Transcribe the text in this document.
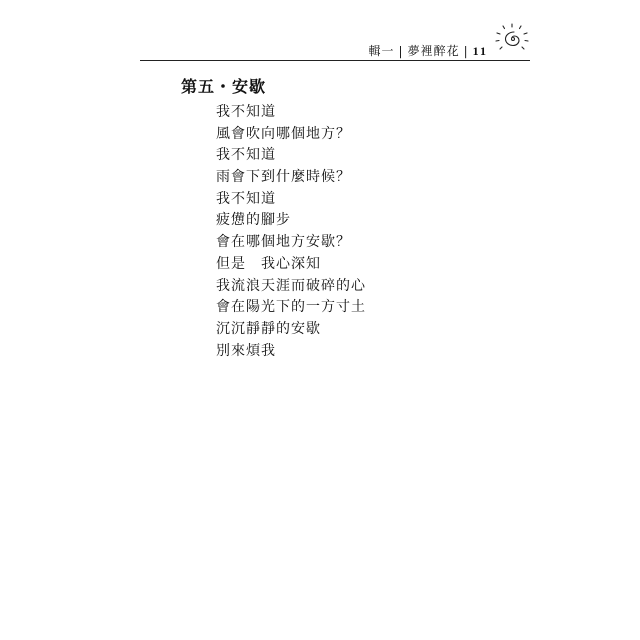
輯一 | 夢裡醉花 | 11
第五・安歇
我不知道
風會吹向哪個地方？
我不知道
雨會下到什麼時候？
我不知道
疲憊的腳步
會在哪個地方安歇？
但是　我心深知
我流浪天涯而破碎的心
會在陽光下的一方寸土
沉沉靜靜的安歇
別來煩我
